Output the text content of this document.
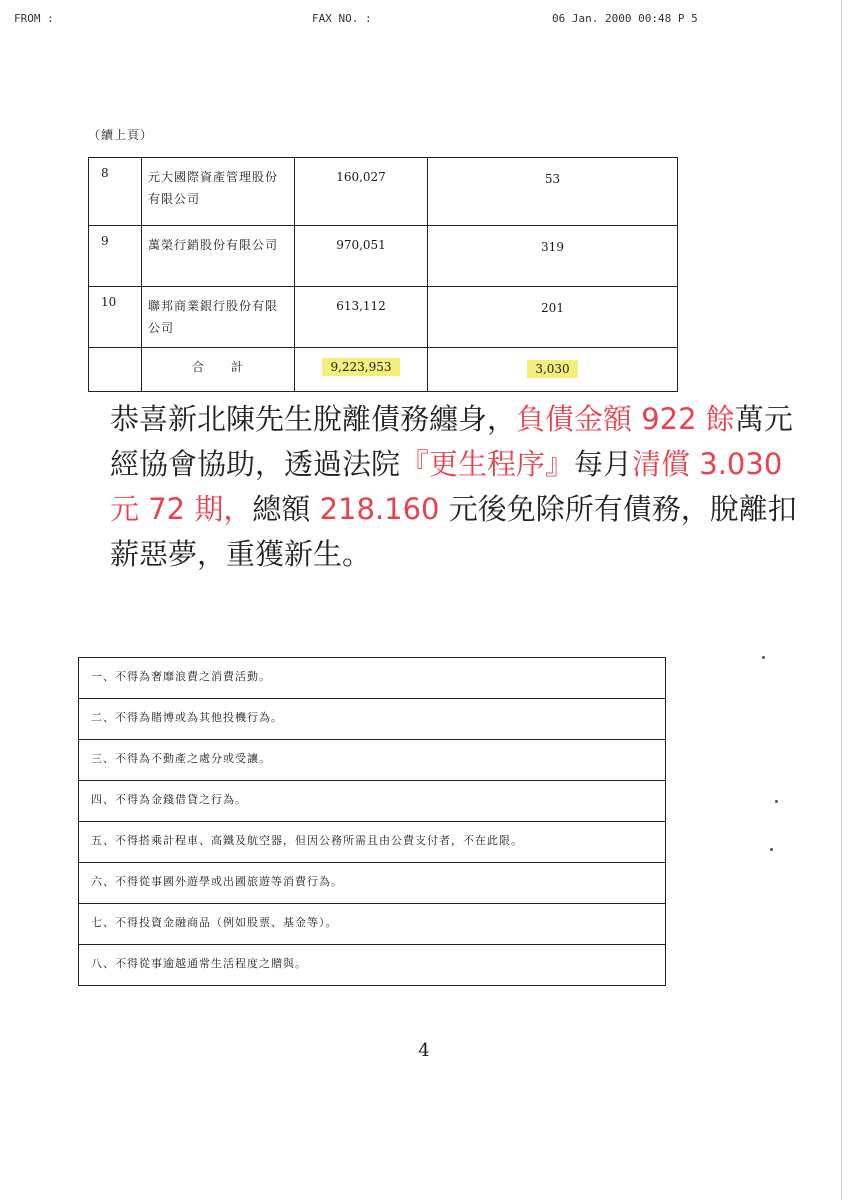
FROM :	FAX NO. :	06 Jan. 2000 00:48 P 5
（續上頁）
8	元大國際資產管理股份有限公司	160,027	53
9	萬榮行銷股份有限公司	970,051	319
10	聯邦商業銀行股份有限公司	613,112	201
	合　　計	9,223,953	3,030
恭喜新北陳先生脫離債務纏身，負債金額 922 餘萬元經協會協助，透過法院『更生程序』每月清償 3.030 元 72 期，總額 218.160 元後免除所有債務，脫離扣薪惡夢，重獲新生。
一、不得為奢靡浪費之消費活動。
二、不得為賭博或為其他投機行為。
三、不得為不動產之處分或受讓。
四、不得為金錢借貸之行為。
五、不得搭乘計程車、高鐵及航空器，但因公務所需且由公費支付者，不在此限。
六、不得從事國外遊學或出國旅遊等消費行為。
七、不得投資金融商品（例如股票、基金等）。
八、不得從事逾越通常生活程度之贈與。
4
